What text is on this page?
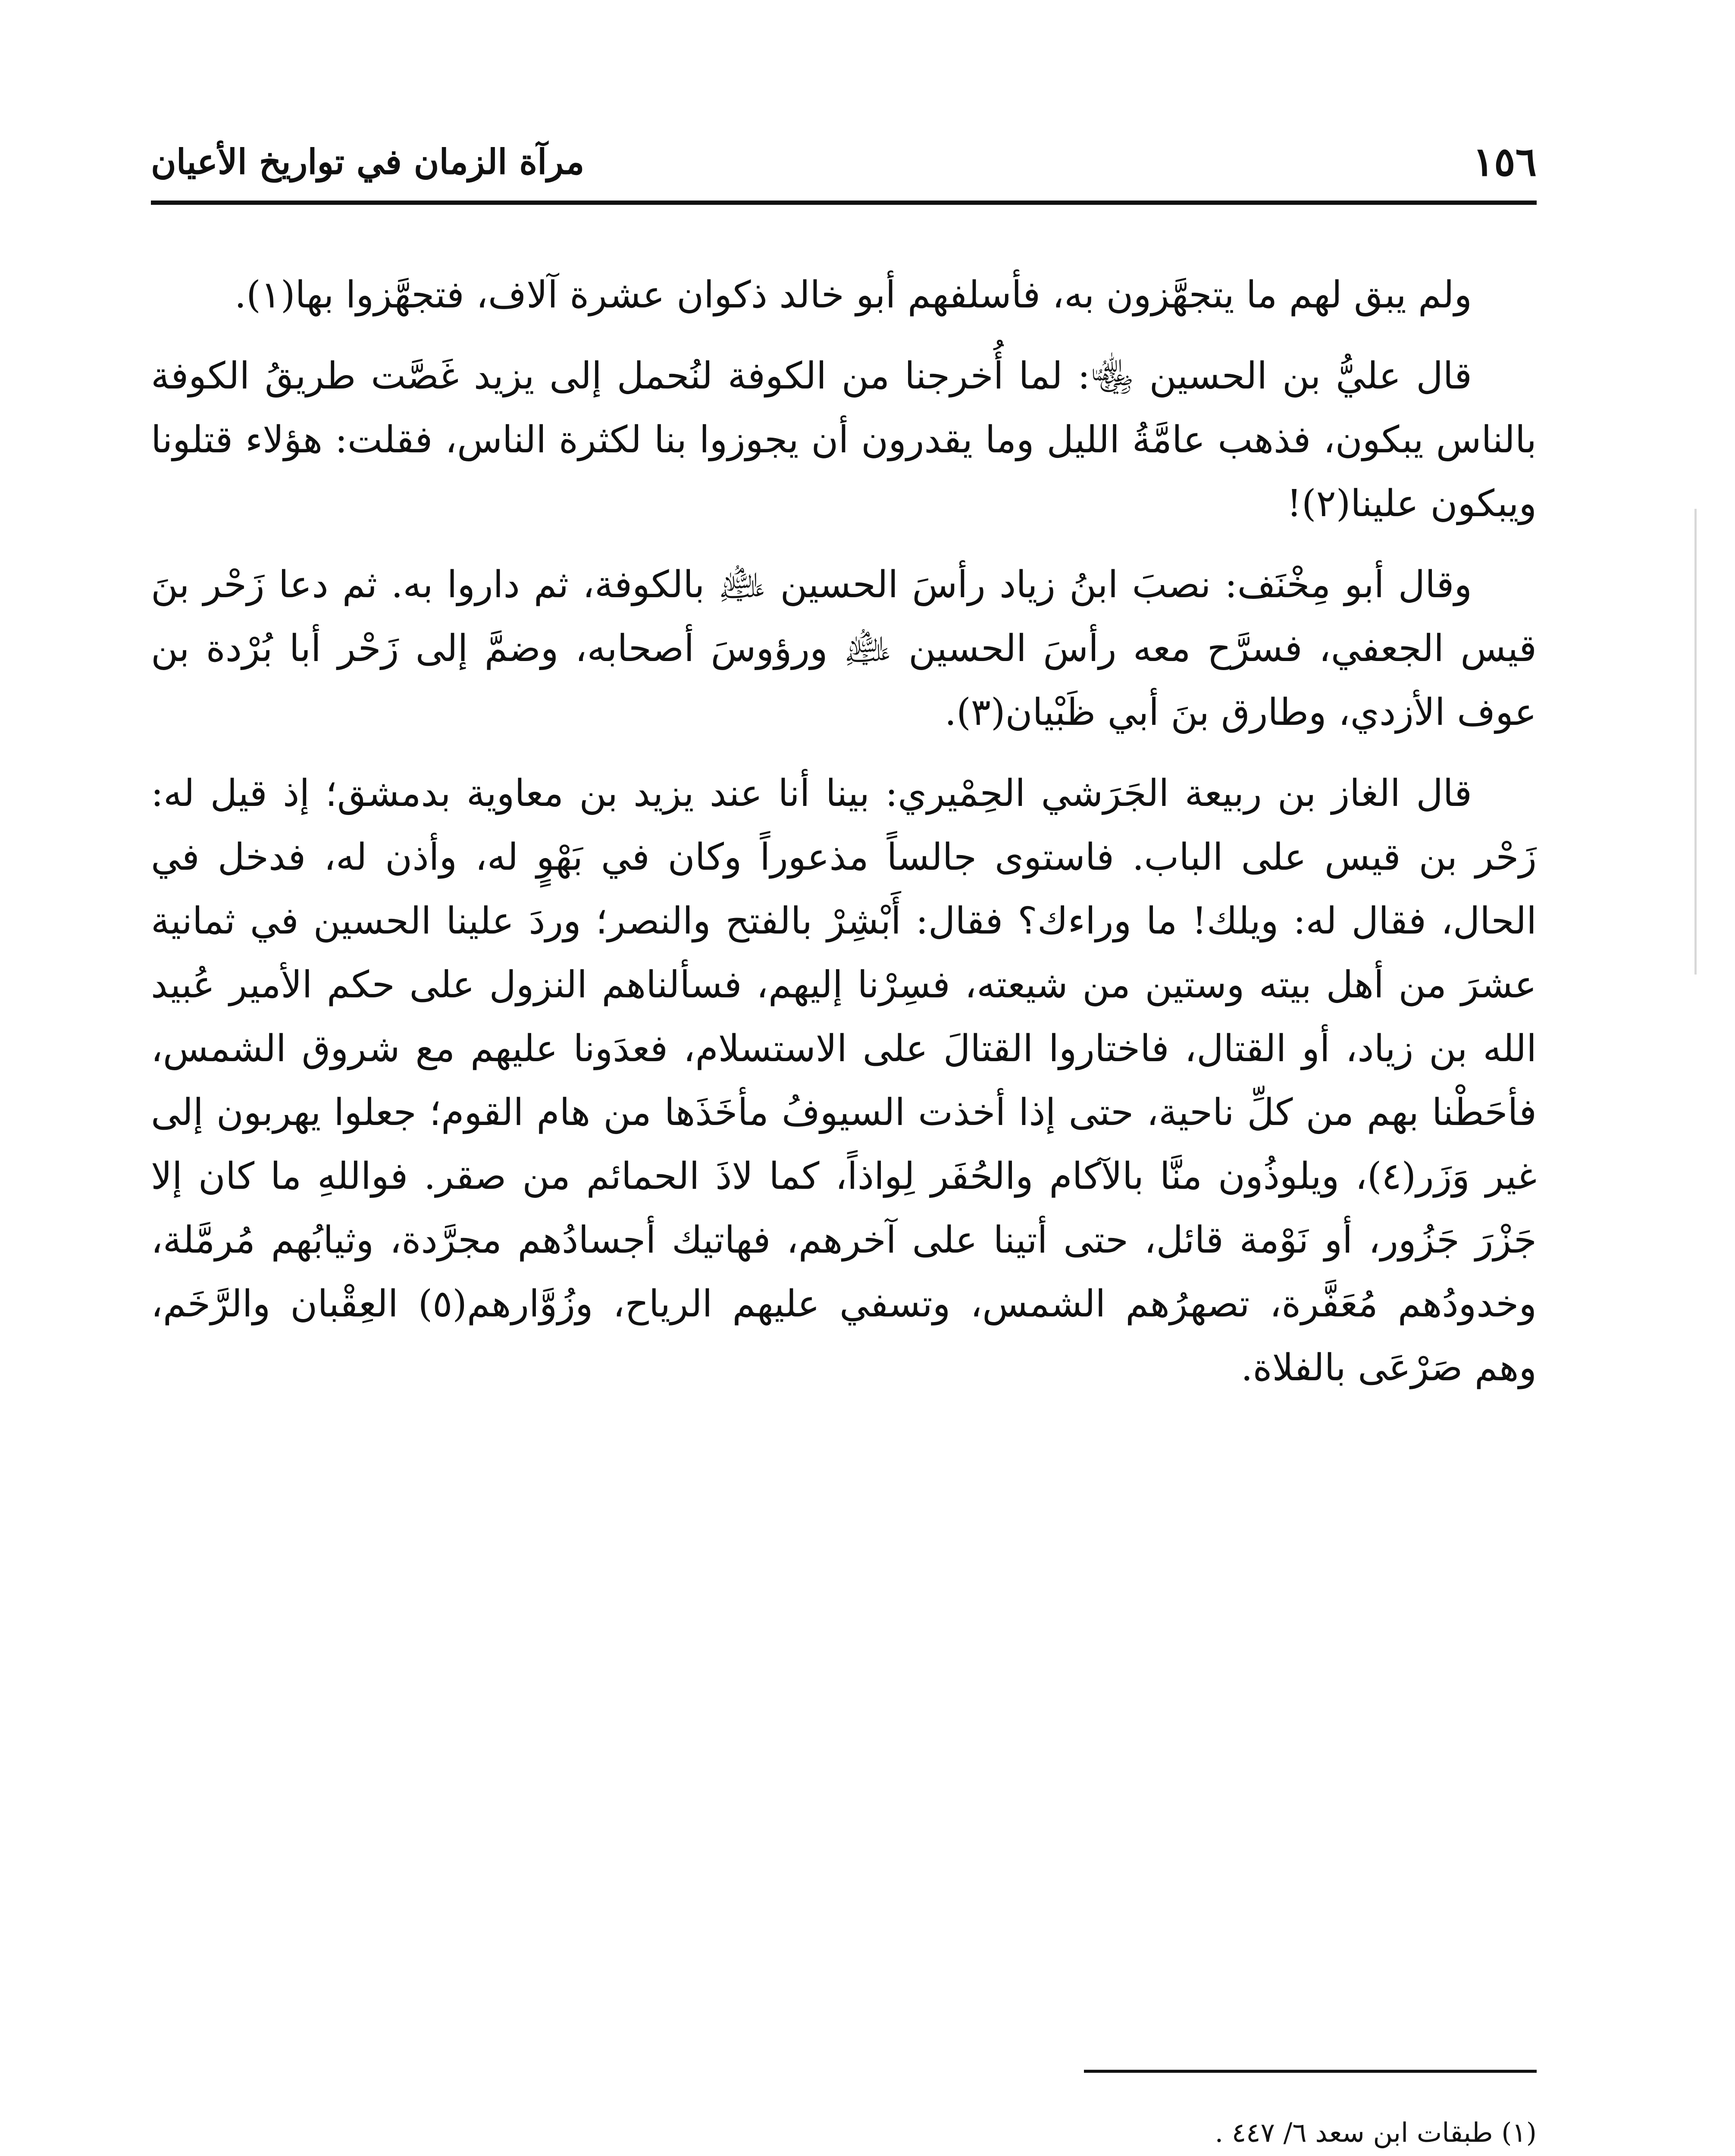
١٥٦
مرآة الزمان في تواريخ الأعيان

ولم يبق لهم ما يتجهَّزون به، فأسلفهم أبو خالد ذكوان عشرة آلاف، فتجهَّزوا بها(١).

قال عليُّ بن الحسين ﵄: لما أُخرجنا من الكوفة لنُحمل إلى يزيد غَصَّت طريقُ الكوفة بالناس يبكون، فذهب عامَّةُ الليل وما يقدرون أن يجوزوا بنا لكثرة الناس، فقلت: هؤلاء قتلونا ويبكون علينا(٢)!

وقال أبو مِخْنَف: نصبَ ابنُ زياد رأسَ الحسين ﵇ بالكوفة، ثم داروا به. ثم دعا زَحْر بنَ قيس الجعفي، فسرَّح معه رأسَ الحسين ﵇ ورؤوسَ أصحابه، وضمَّ إلى زَحْر أبا بُرْدة بن عوف الأزدي، وطارق بنَ أبي ظَبْيان(٣).

قال الغاز بن ربيعة الجَرَشي الحِمْيري: بينا أنا عند يزيد بن معاوية بدمشق؛ إذ قيل له: زَحْر بن قيس على الباب. فاستوى جالساً مذعوراً وكان في بَهْوٍ له، وأذن له، فدخل في الحال، فقال له: ويلك! ما وراءك؟ فقال: أَبْشِرْ بالفتح والنصر؛ وردَ علينا الحسين في ثمانية عشرَ من أهل بيته وستين من شيعته، فسِرْنا إليهم، فسألناهم النزول على حكم الأمير عُبيد الله بن زياد، أو القتال، فاختاروا القتالَ على الاستسلام، فعدَونا عليهم مع شروق الشمس، فأحَطْنا بهم من كلِّ ناحية، حتى إذا أخذت السيوفُ مأخَذَها من هام القوم؛ جعلوا يهربون إلى غير وَزَر(٤)، ويلوذُون منَّا بالآكام والحُفَر لِواذاً، كما لاذَ الحمائم من صقر. فواللهِ ما كان إلا جَزْرَ جَزُور، أو نَوْمة قائل، حتى أتينا على آخرهم، فهاتيك أجسادُهم مجرَّدة، وثيابُهم مُرمَّلة، وخدودُهم مُعَفَّرة، تصهرُهم الشمس، وتسفي عليهم الرياح، وزُوَّارهم(٥) العِقْبان والرَّخَم، وهم صَرْعَى بالفلاة.

(١) طبقات ابن سعد ٦/ ٤٤٧ .
